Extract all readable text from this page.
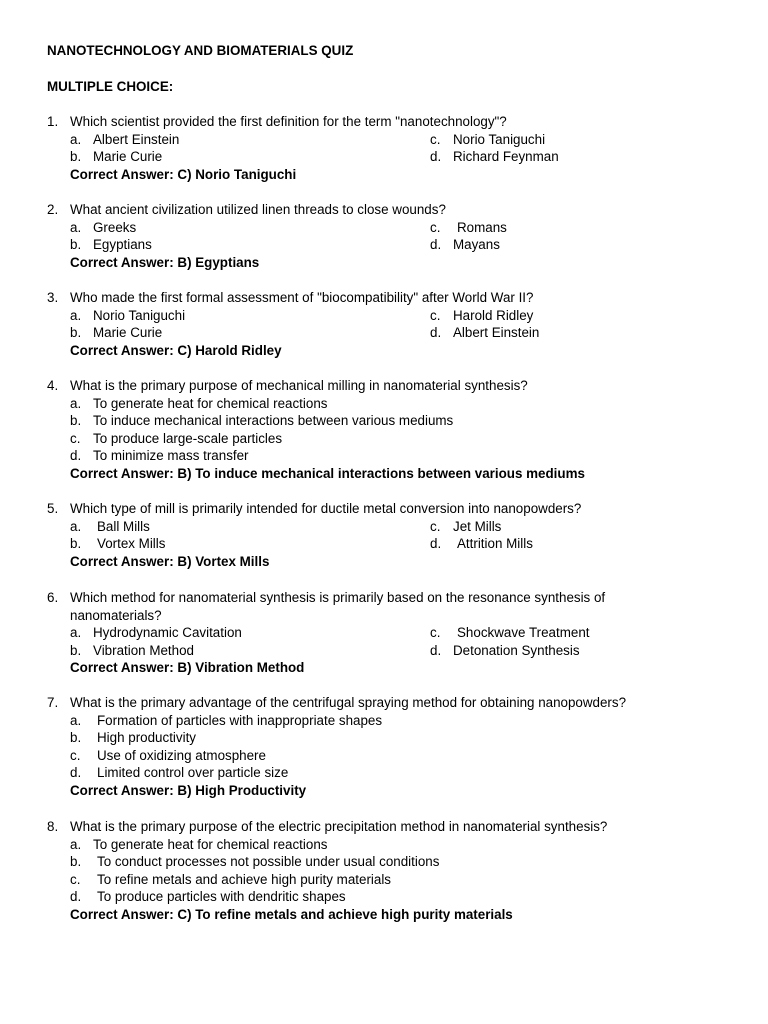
NANOTECHNOLOGY AND BIOMATERIALS QUIZ
MULTIPLE CHOICE:
1. Which scientist provided the first definition for the term "nanotechnology"?
a. Albert Einstein	c. Norio Taniguchi
b. Marie Curie	d. Richard Feynman
Correct Answer: C) Norio Taniguchi
2. What ancient civilization utilized linen threads to close wounds?
a. Greeks	c. Romans
b. Egyptians	d. Mayans
Correct Answer: B) Egyptians
3. Who made the first formal assessment of "biocompatibility" after World War II?
a. Norio Taniguchi	c. Harold Ridley
b. Marie Curie	d. Albert Einstein
Correct Answer: C) Harold Ridley
4. What is the primary purpose of mechanical milling in nanomaterial synthesis?
a. To generate heat for chemical reactions
b. To induce mechanical interactions between various mediums
c. To produce large-scale particles
d. To minimize mass transfer
Correct Answer: B) To induce mechanical interactions between various mediums
5. Which type of mill is primarily intended for ductile metal conversion into nanopowders?
a. Ball Mills	c. Jet Mills
b. Vortex Mills	d. Attrition Mills
Correct Answer: B) Vortex Mills
6. Which method for nanomaterial synthesis is primarily based on the resonance synthesis of
nanomaterials?
a. Hydrodynamic Cavitation	c. Shockwave Treatment
b. Vibration Method	d. Detonation Synthesis
Correct Answer: B) Vibration Method
7. What is the primary advantage of the centrifugal spraying method for obtaining nanopowders?
a. Formation of particles with inappropriate shapes
b. High productivity
c. Use of oxidizing atmosphere
d. Limited control over particle size
Correct Answer: B) High Productivity
8. What is the primary purpose of the electric precipitation method in nanomaterial synthesis?
a. To generate heat for chemical reactions
b. To conduct processes not possible under usual conditions
c. To refine metals and achieve high purity materials
d. To produce particles with dendritic shapes
Correct Answer: C) To refine metals and achieve high purity materials
